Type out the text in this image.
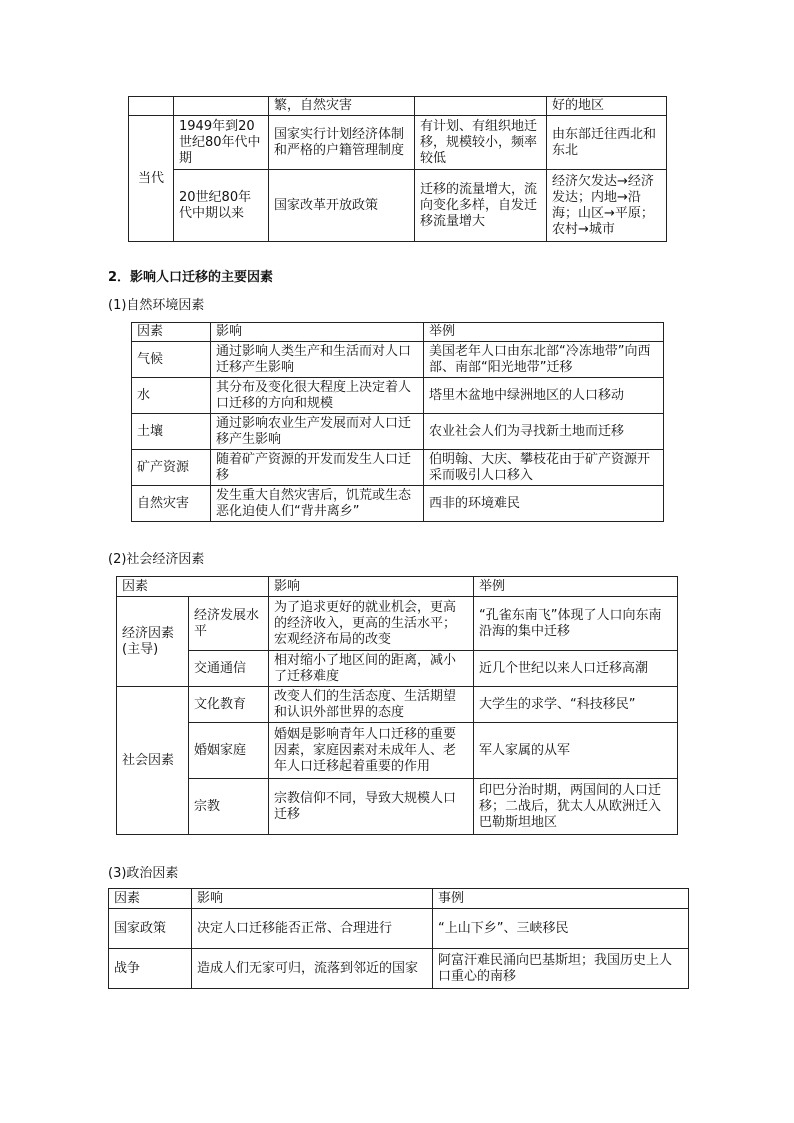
		繁，自然灾害		好的地区
当代	1949年到20世纪80年代中期	国家实行计划经济体制和严格的户籍管理制度	有计划、有组织地迁移，规模较小，频率较低	由东部迁往西北和东北
	20世纪80年代中期以来	国家改革开放政策	迁移的流量增大，流向变化多样，自发迁移流量增大	经济欠发达→经济发达；内地→沿海；山区→平原；农村→城市
2．影响人口迁移的主要因素
(1)自然环境因素
因素	影响	举例
气候	通过影响人类生产和生活而对人口迁移产生影响	美国老年人口由东北部“冷冻地带”向西部、南部“阳光地带”迁移
水	其分布及变化很大程度上决定着人口迁移的方向和规模	塔里木盆地中绿洲地区的人口移动
土壤	通过影响农业生产发展而对人口迁移产生影响	农业社会人们为寻找新土地而迁移
矿产资源	随着矿产资源的开发而发生人口迁移	伯明翰、大庆、攀枝花由于矿产资源开采而吸引人口移入
自然灾害	发生重大自然灾害后，饥荒或生态恶化迫使人们“背井离乡”	西非的环境难民
(2)社会经济因素
因素		影响	举例
经济因素(主导)	经济发展水平	为了追求更好的就业机会，更高的经济收入，更高的生活水平；宏观经济布局的改变	“孔雀东南飞”体现了人口向东南沿海的集中迁移
	交通通信	相对缩小了地区间的距离，减小了迁移难度	近几个世纪以来人口迁移高潮
社会因素	文化教育	改变人们的生活态度、生活期望和认识外部世界的态度	大学生的求学、“科技移民”
	婚姻家庭	婚姻是影响青年人口迁移的重要因素，家庭因素对未成年人、老年人口迁移起着重要的作用	军人家属的从军
	宗教	宗教信仰不同，导致大规模人口迁移	印巴分治时期，两国间的人口迁移；二战后，犹太人从欧洲迁入巴勒斯坦地区
(3)政治因素
因素	影响	事例
国家政策	决定人口迁移能否正常、合理进行	“上山下乡”、三峡移民
战争	造成人们无家可归，流落到邻近的国家	阿富汗难民涌向巴基斯坦；我国历史上人口重心的南移
